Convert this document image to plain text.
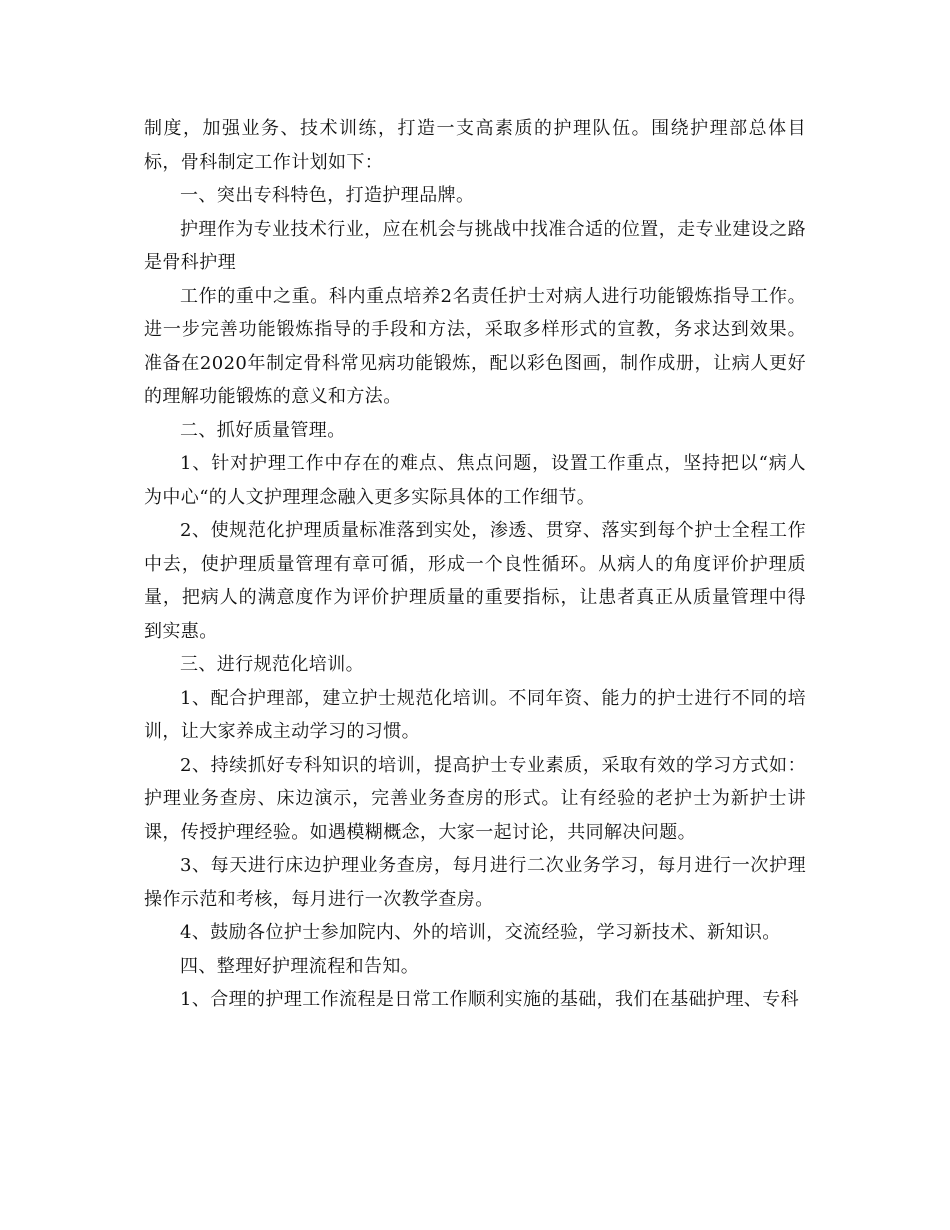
制度，加强业务、技术训练，打造一支高素质的护理队伍。围绕护理部总体目标，骨科制定工作计划如下：

一、突出专科特色，打造护理品牌。

护理作为专业技术行业，应在机会与挑战中找准合适的位置，走专业建设之路是骨科护理

工作的重中之重。科内重点培养2名责任护士对病人进行功能锻炼指导工作。进一步完善功能锻炼指导的手段和方法，采取多样形式的宣教，务求达到效果。准备在2020年制定骨科常见病功能锻炼，配以彩色图画，制作成册，让病人更好的理解功能锻炼的意义和方法。

二、抓好质量管理。

1、针对护理工作中存在的难点、焦点问题，设置工作重点，坚持把以“病人为中心“的人文护理理念融入更多实际具体的工作细节。

2、使规范化护理质量标准落到实处，渗透、贯穿、落实到每个护士全程工作中去，使护理质量管理有章可循，形成一个良性循环。从病人的角度评价护理质量，把病人的满意度作为评价护理质量的重要指标，让患者真正从质量管理中得到实惠。

三、进行规范化培训。

1、配合护理部，建立护士规范化培训。不同年资、能力的护士进行不同的培训，让大家养成主动学习的习惯。

2、持续抓好专科知识的培训，提高护士专业素质，采取有效的学习方式如：护理业务查房、床边演示，完善业务查房的形式。让有经验的老护士为新护士讲课，传授护理经验。如遇模糊概念，大家一起讨论，共同解决问题。

3、每天进行床边护理业务查房，每月进行二次业务学习，每月进行一次护理操作示范和考核，每月进行一次教学查房。

4、鼓励各位护士参加院内、外的培训，交流经验，学习新技术、新知识。

四、整理好护理流程和告知。

1、合理的护理工作流程是日常工作顺利实施的基础，我们在基础护理、专科
